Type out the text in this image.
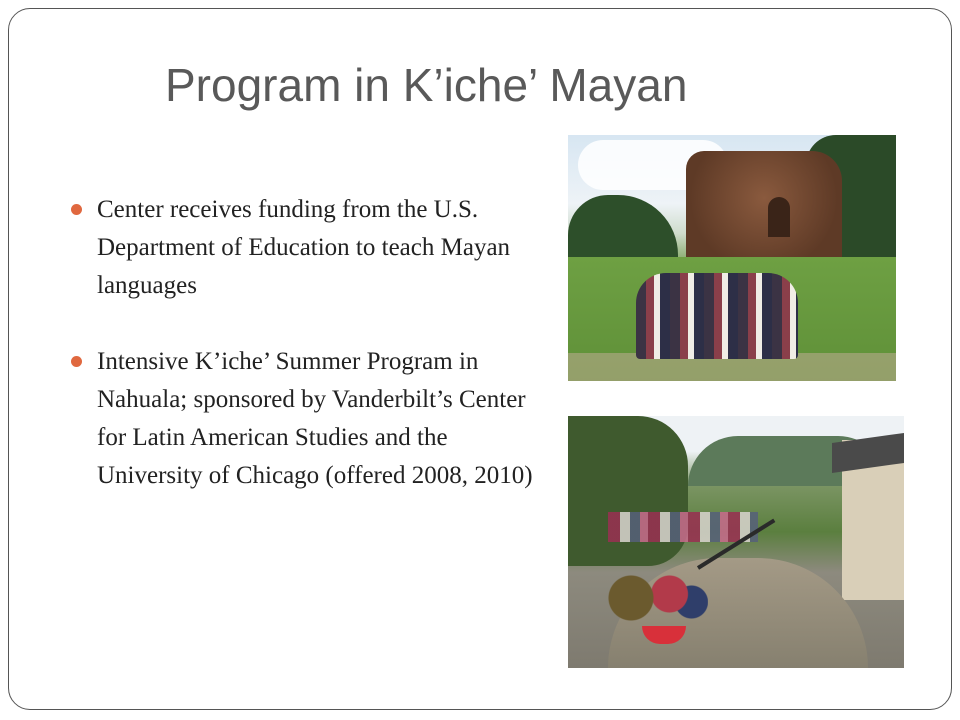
Program in K’iche’ Mayan
Center receives funding from the U.S. Department of Education to teach Mayan languages
Intensive K’iche’ Summer Program in Nahuala; sponsored by Vanderbilt’s Center for Latin American Studies and the University of Chicago (offered 2008, 2010)
